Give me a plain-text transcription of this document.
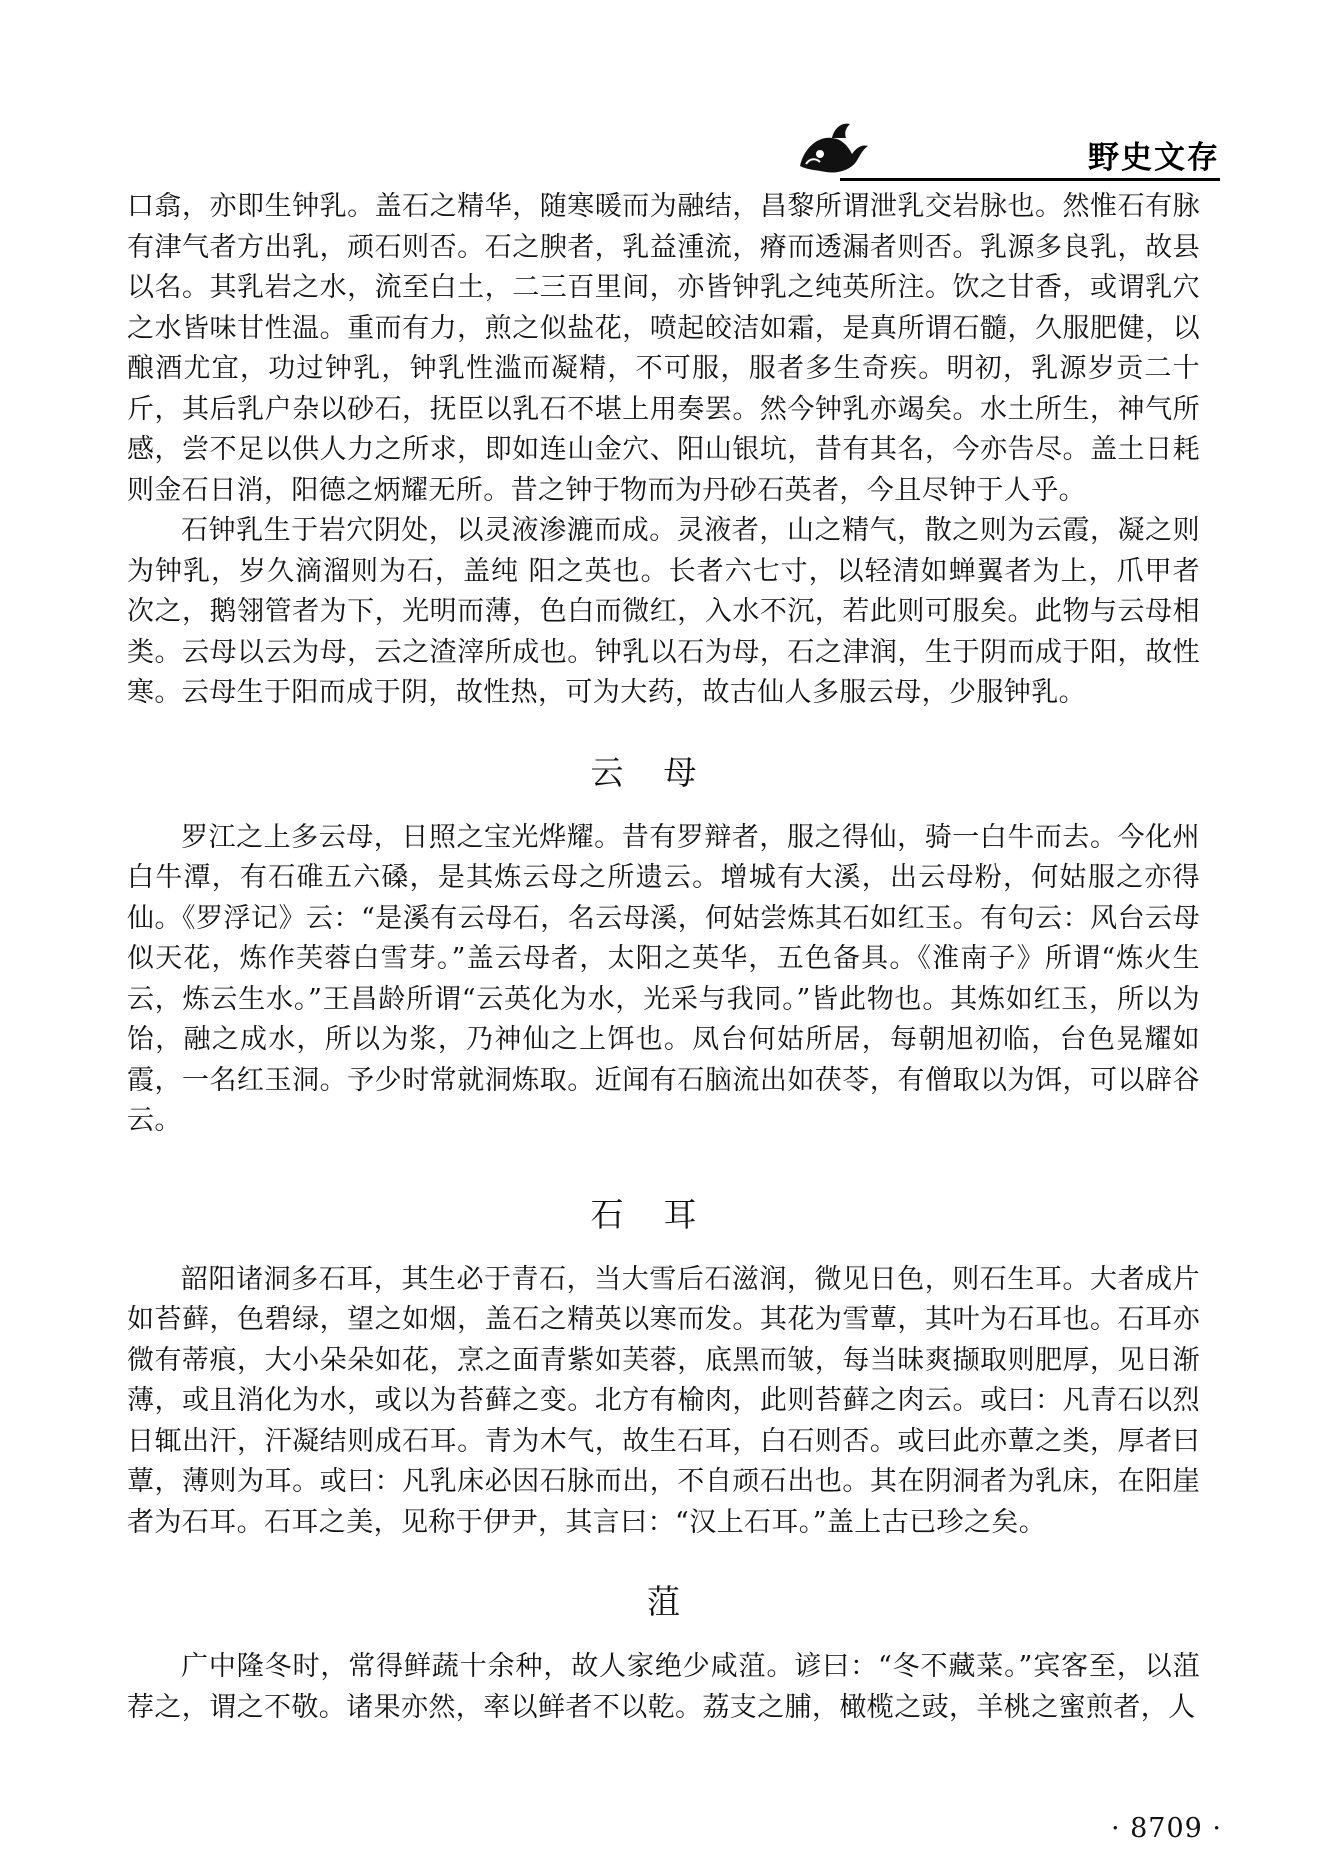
野史文存

口翕，亦即生钟乳。盖石之精华，随寒暖而为融结，昌黎所谓泄乳交岩脉也。然惟石有脉有津气者方出乳，顽石则否。石之腴者，乳益湩流，瘠而透漏者则否。乳源多良乳，故县以名。其乳岩之水，流至白土，二三百里间，亦皆钟乳之纯英所注。饮之甘香，或谓乳穴之水皆味甘性温。重而有力，煎之似盐花，喷起皎洁如霜，是真所谓石髓，久服肥健，以酿酒尤宜，功过钟乳，钟乳性滥而凝精，不可服，服者多生奇疾。明初，乳源岁贡二十斤，其后乳户杂以砂石，抚臣以乳石不堪上用奏罢。然今钟乳亦竭矣。水土所生，神气所感，尝不足以供人力之所求，即如连山金穴、阳山银坑，昔有其名，今亦告尽。盖土日耗则金石日消，阳德之炳耀无所。昔之钟于物而为丹砂石英者，今且尽钟于人乎。

石钟乳生于岩穴阴处，以灵液渗漉而成。灵液者，山之精气，散之则为云霞，凝之则为钟乳，岁久滴溜则为石，盖纯 阳之英也。长者六七寸，以轻清如蝉翼者为上，爪甲者次之，鹅翎管者为下，光明而薄，色白而微红，入水不沉，若此则可服矣。此物与云母相类。云母以云为母，云之渣滓所成也。钟乳以石为母，石之津润，生于阴而成于阳，故性寒。云母生于阳而成于阴，故性热，可为大药，故古仙人多服云母，少服钟乳。

云母

罗江之上多云母，日照之宝光烨耀。昔有罗辩者，服之得仙，骑一白牛而去。今化州白牛潭，有石碓五六磉，是其炼云母之所遗云。增城有大溪，出云母粉，何姑服之亦得仙。《罗浮记》云：“是溪有云母石，名云母溪，何姑尝炼其石如红玉。有句云：风台云母似天花，炼作芙蓉白雪芽。”盖云母者，太阳之英华，五色备具。《淮南子》所谓“炼火生云，炼云生水。”王昌龄所谓“云英化为水，光采与我同。”皆此物也。其炼如红玉，所以为饴，融之成水，所以为浆，乃神仙之上饵也。凤台何姑所居，每朝旭初临，台色晃耀如霞，一名红玉洞。予少时常就洞炼取。近闻有石脑流出如茯苓，有僧取以为饵，可以辟谷云。

石耳

韶阳诸洞多石耳，其生必于青石，当大雪后石滋润，微见日色，则石生耳。大者成片如苔藓，色碧绿，望之如烟，盖石之精英以寒而发。其花为雪蕈，其叶为石耳也。石耳亦微有蒂痕，大小朵朵如花，烹之面青紫如芙蓉，底黑而皱，每当昧爽撷取则肥厚，见日渐薄，或且消化为水，或以为苔藓之变。北方有榆肉，此则苔藓之肉云。或曰：凡青石以烈日辄出汗，汗凝结则成石耳。青为木气，故生石耳，白石则否。或曰此亦蕈之类，厚者曰蕈，薄则为耳。或曰：凡乳床必因石脉而出，不自顽石出也。其在阴洞者为乳床，在阳崖者为石耳。石耳之美，见称于伊尹，其言曰：“汉上石耳。”盖上古已珍之矣。

菹

广中隆冬时，常得鲜蔬十余种，故人家绝少咸菹。谚曰：“冬不藏菜。”宾客至，以菹荐之，谓之不敬。诸果亦然，率以鲜者不以乾。荔支之脯，橄榄之豉，羊桃之蜜煎者，人

· 8709 ·
